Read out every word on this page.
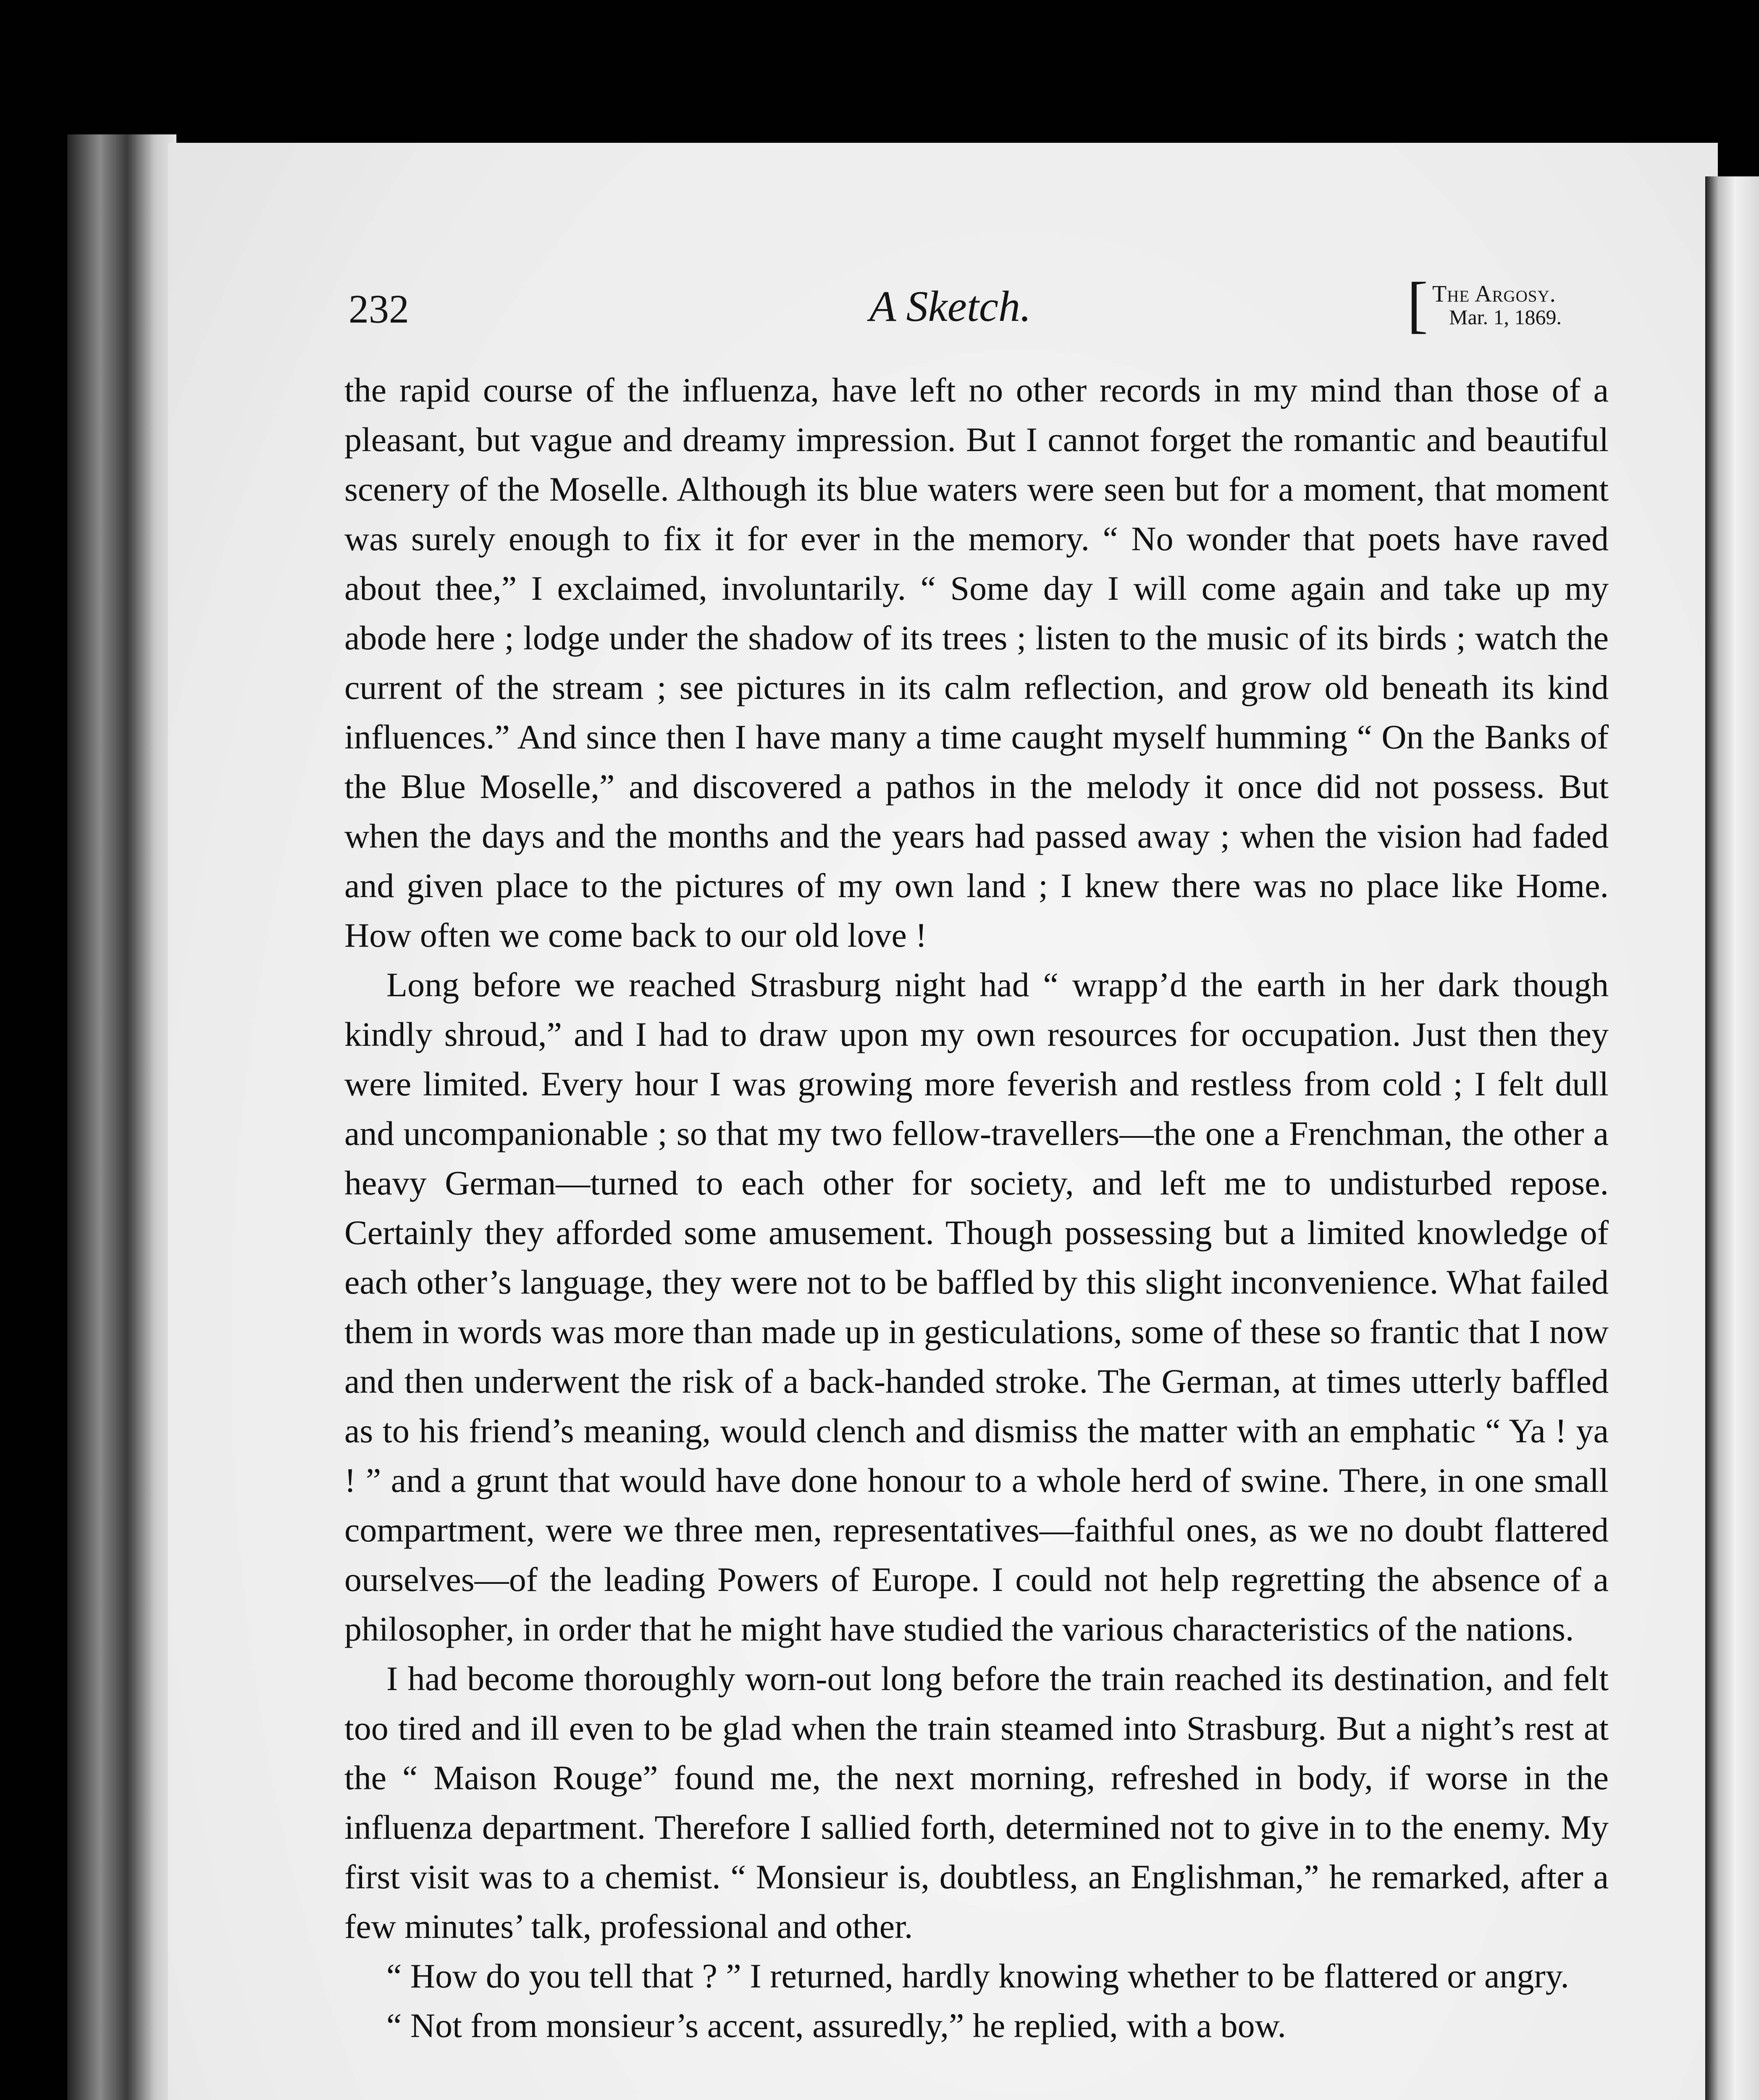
232	A Sketch.	[ The Argosy.
Mar. 1, 1869.

the rapid course of the influenza, have left no other records in my mind than those of a pleasant, but vague and dreamy impression. But I cannot forget the romantic and beautiful scenery of the Moselle. Although its blue waters were seen but for a moment, that moment was surely enough to fix it for ever in the memory. “ No wonder that poets have raved about thee,” I exclaimed, involuntarily. “ Some day I will come again and take up my abode here ; lodge under the shadow of its trees ; listen to the music of its birds ; watch the current of the stream ; see pictures in its calm reflection, and grow old beneath its kind influences.” And since then I have many a time caught myself humming “ On the Banks of the Blue Moselle,” and discovered a pathos in the melody it once did not possess. But when the days and the months and the years had passed away ; when the vision had faded and given place to the pictures of my own land ; I knew there was no place like Home. How often we come back to our old love !

Long before we reached Strasburg night had “ wrapp’d the earth in her dark though kindly shroud,” and I had to draw upon my own resources for occupation. Just then they were limited. Every hour I was growing more feverish and restless from cold ; I felt dull and uncompanionable ; so that my two fellow-travellers—the one a Frenchman, the other a heavy German—turned to each other for society, and left me to undisturbed repose. Certainly they afforded some amusement. Though possessing but a limited knowledge of each other’s language, they were not to be baffled by this slight inconvenience. What failed them in words was more than made up in gesticulations, some of these so frantic that I now and then underwent the risk of a back-handed stroke. The German, at times utterly baffled as to his friend’s meaning, would clench and dismiss the matter with an emphatic “ Ya ! ya ! ” and a grunt that would have done honour to a whole herd of swine. There, in one small compartment, were we three men, representatives—faithful ones, as we no doubt flattered ourselves—of the leading Powers of Europe. I could not help regretting the absence of a philosopher, in order that he might have studied the various characteristics of the nations.

I had become thoroughly worn-out long before the train reached its destination, and felt too tired and ill even to be glad when the train steamed into Strasburg. But a night’s rest at the “ Maison Rouge” found me, the next morning, refreshed in body, if worse in the influenza department. Therefore I sallied forth, determined not to give in to the enemy. My first visit was to a chemist. “ Monsieur is, doubtless, an Englishman,” he remarked, after a few minutes’ talk, professional and other.

“ How do you tell that ? ” I returned, hardly knowing whether to be flattered or angry.

“ Not from monsieur’s accent, assuredly,” he replied, with a bow.
